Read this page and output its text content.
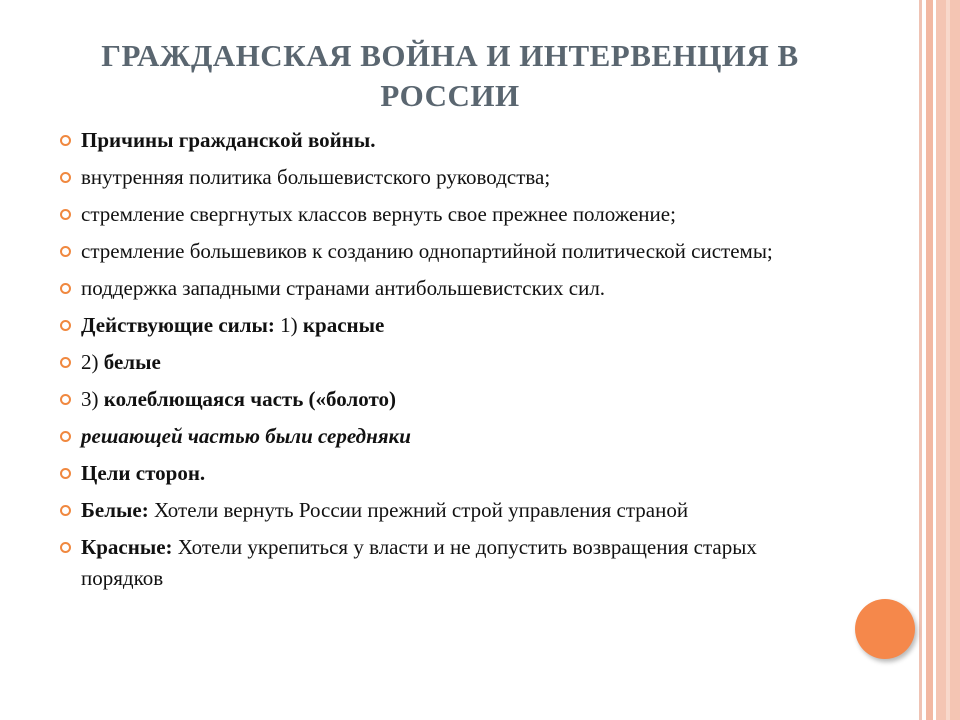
ГРАЖДАНСКАЯ ВОЙНА И ИНТЕРВЕНЦИЯ В
РОССИИ
Причины гражданской войны.
внутренняя политика большевистского руководства;
стремление свергнутых классов вернуть свое прежнее положение;
стремление большевиков к созданию однопартийной политической системы;
поддержка западными странами антибольшевистских сил.
Действующие силы: 1) красные
2) белые
3) колеблющаяся часть («болото)
решающей частью были середняки
Цели сторон.
Белые: Хотели вернуть России прежний строй управления страной
Красные: Хотели укрепиться у власти и не допустить возвращения старых порядков
